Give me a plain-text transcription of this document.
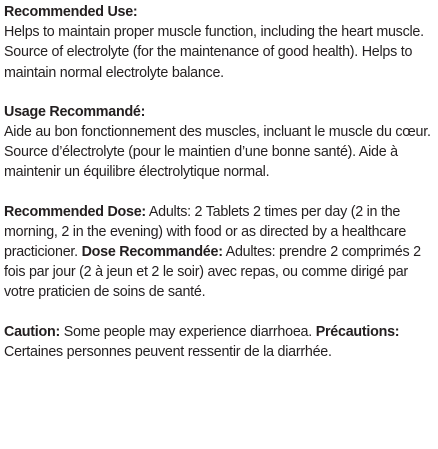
Recommended Use:

Helps to maintain proper muscle function, including the heart muscle. Source of electrolyte (for the maintenance of good health). Helps to maintain normal electrolyte balance.

Usage Recommandé:

Aide au bon fonctionnement des muscles, incluant le muscle du cœur. Source d’électrolyte (pour le maintien d’une bonne santé). Aide à maintenir un équilibre électrolytique normal.

Recommended Dose: Adults: 2 Tablets 2 times per day (2 in the morning, 2 in the evening) with food or as directed by a healthcare practicioner. Dose Recommandée: Adultes: prendre 2 comprimés 2 fois par jour (2 à jeun et 2 le soir) avec repas, ou comme dirigé par votre praticien de soins de santé.

Caution: Some people may experience diarrhoea. Précautions: Certaines personnes peuvent ressentir de la diarrhée.
